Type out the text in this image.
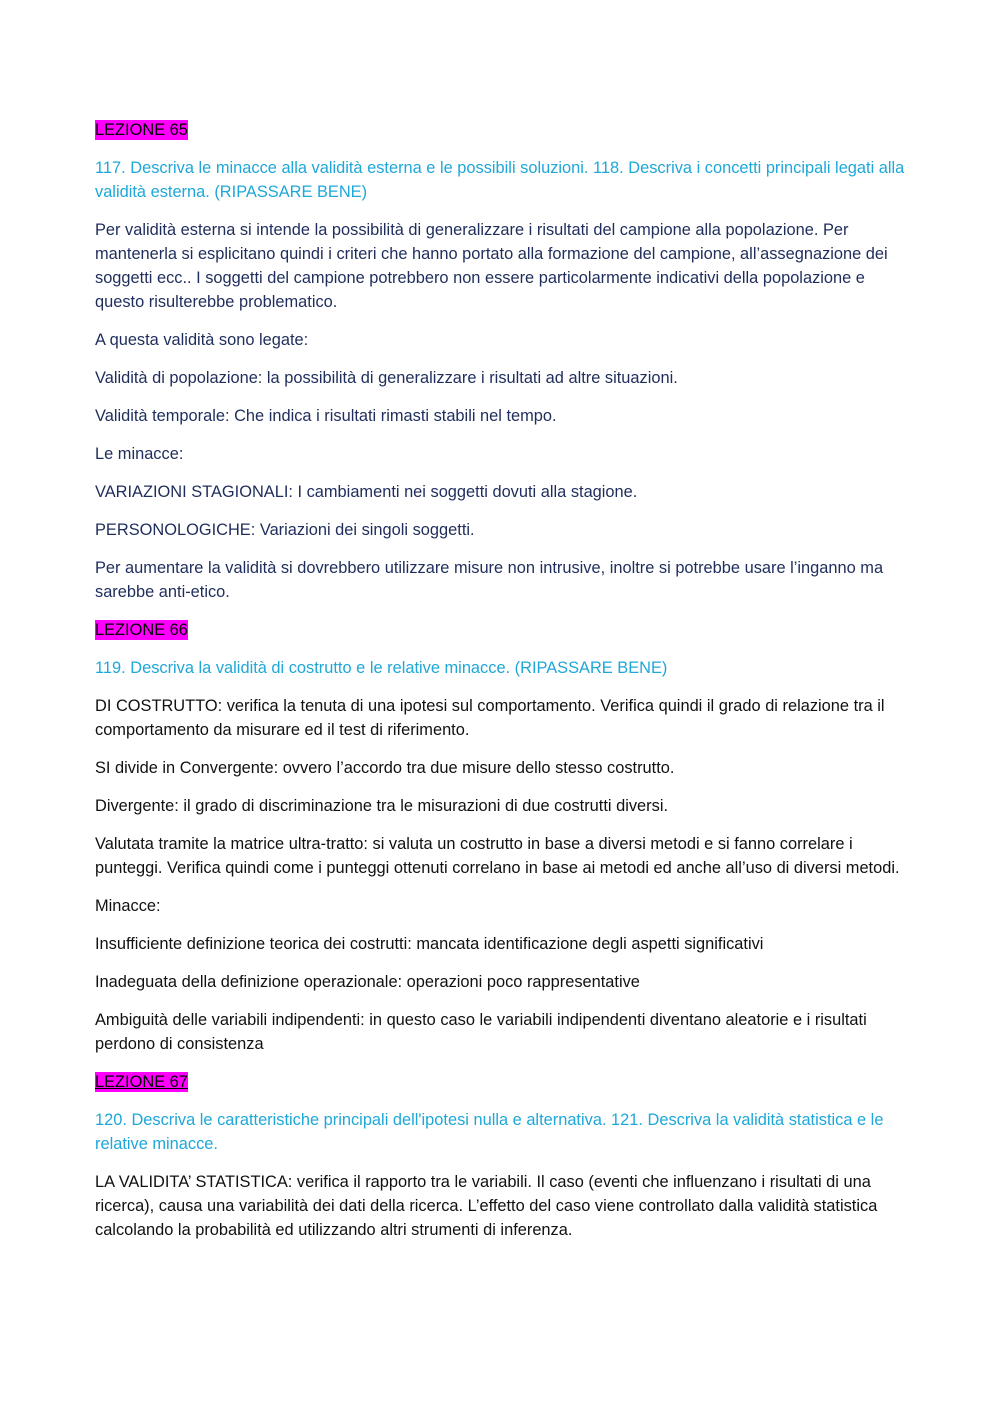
LEZIONE 65

117. Descriva le minacce alla validità esterna e le possibili soluzioni. 118. Descriva i concetti principali legati alla validità esterna. (RIPASSARE BENE)

Per validità esterna si intende la possibilità di generalizzare i risultati del campione alla popolazione. Per mantenerla si esplicitano quindi i criteri che hanno portato alla formazione del campione, all’assegnazione dei soggetti ecc.. I soggetti del campione potrebbero non essere particolarmente indicativi della popolazione e questo risulterebbe problematico.

A questa validità sono legate:

Validità di popolazione: la possibilità di generalizzare i risultati ad altre situazioni.

Validità temporale: Che indica i risultati rimasti stabili nel tempo.

Le minacce:

VARIAZIONI STAGIONALI: I cambiamenti nei soggetti dovuti alla stagione.

PERSONOLOGICHE: Variazioni dei singoli soggetti.

Per aumentare la validità si dovrebbero utilizzare misure non intrusive, inoltre si potrebbe usare l’inganno ma sarebbe anti-etico.

LEZIONE 66

119. Descriva la validità di costrutto e le relative minacce. (RIPASSARE BENE)

DI COSTRUTTO: verifica la tenuta di una ipotesi sul comportamento. Verifica quindi il grado di relazione tra il comportamento da misurare ed il test di riferimento.

SI divide in Convergente: ovvero l’accordo tra due misure dello stesso costrutto.

Divergente: il grado di discriminazione tra le misurazioni di due costrutti diversi.

Valutata tramite la matrice ultra-tratto: si valuta un costrutto in base a diversi metodi e si fanno correlare i punteggi. Verifica quindi come i punteggi ottenuti correlano in base ai metodi ed anche all’uso di diversi metodi.

Minacce:

Insufficiente definizione teorica dei costrutti: mancata identificazione degli aspetti significativi

Inadeguata della definizione operazionale: operazioni poco rappresentative

Ambiguità delle variabili indipendenti: in questo caso le variabili indipendenti diventano aleatorie e i risultati perdono di consistenza

LEZIONE 67

120. Descriva le caratteristiche principali dell'ipotesi nulla e alternativa. 121. Descriva la validità statistica e le relative minacce.

LA VALIDITA’ STATISTICA: verifica il rapporto tra le variabili. Il caso (eventi che influenzano i risultati di una ricerca), causa una variabilità dei dati della ricerca. L’effetto del caso viene controllato dalla validità statistica calcolando la probabilità ed utilizzando altri strumenti di inferenza.
